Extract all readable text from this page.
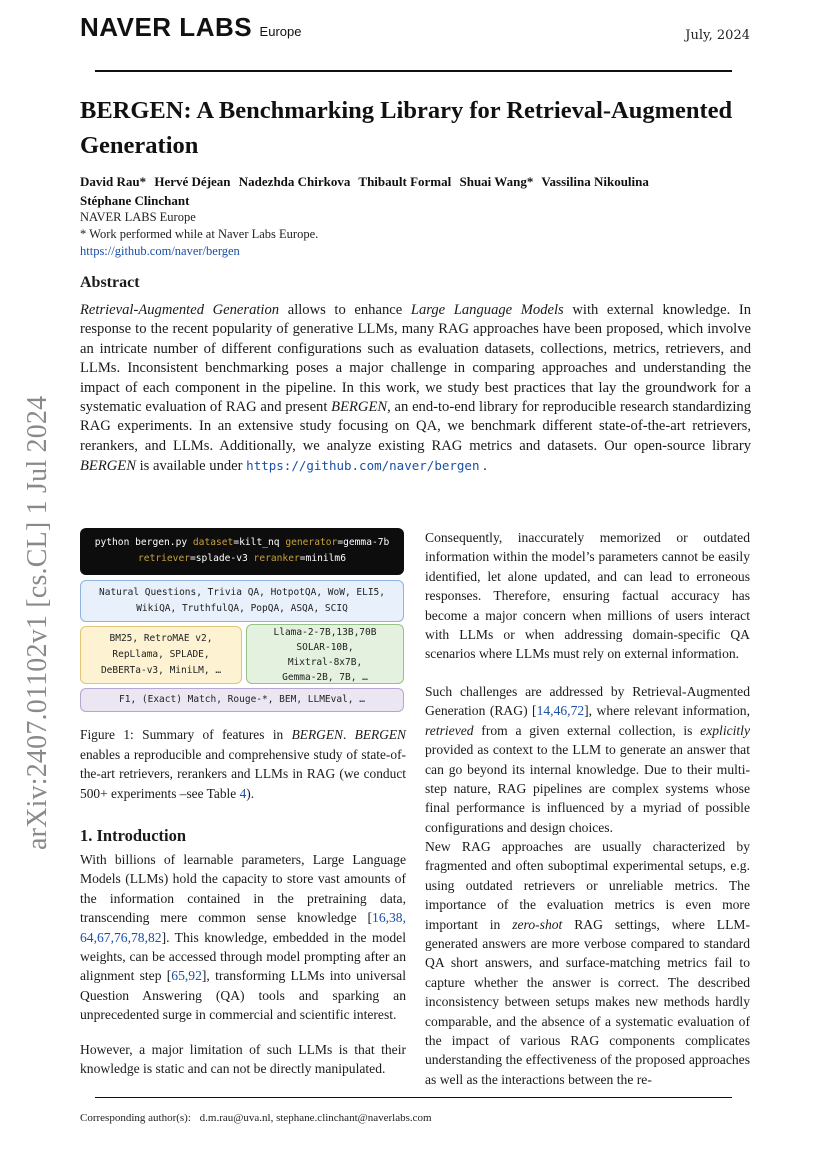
NAVER LABS Europe	July, 2024
arXiv:2407.01102v1 [cs.CL] 1 Jul 2024
BERGEN: A Benchmarking Library for Retrieval-Augmented Generation
David Rau* Hervé Déjean Nadezhda Chirkova Thibault Formal Shuai Wang* Vassilina Nikoulina
Stéphane Clinchant
NAVER LABS Europe
* Work performed while at Naver Labs Europe.
https://github.com/naver/bergen
Abstract

Retrieval-Augmented Generation allows to enhance Large Language Models with external knowledge. In response to the recent popularity of generative LLMs, many RAG approaches have been proposed, which involve an intricate number of different configurations such as evaluation datasets, collections, metrics, retrievers, and LLMs. Inconsistent benchmarking poses a major challenge in comparing approaches and understanding the impact of each component in the pipeline. In this work, we study best practices that lay the groundwork for a systematic evaluation of RAG and present BERGEN, an end-to-end library for reproducible research standardizing RAG experiments. In an extensive study focusing on QA, we benchmark different state-of-the-art retrievers, rerankers, and LLMs. Additionally, we analyze existing RAG metrics and datasets. Our open-source library BERGEN is available under https://github.com/naver/bergen .

python bergen.py dataset=kilt_nq generator=gemma-7b
retriever=splade-v3 reranker=minilm6
Natural Questions, Trivia QA, HotpotQA, WoW, ELI5,
WikiQA, TruthfulQA, PopQA, ASQA, SCIQ
BM25, RetroMAE v2,
RepLlama, SPLADE,
DeBERTa-v3, MiniLM, …
Llama-2-7B,13B,70B
SOLAR-10B,
Mixtral-8x7B,
Gemma-2B, 7B, …
F1, (Exact) Match, Rouge-*, BEM, LLMEval, …

Figure 1: Summary of features in BERGEN. BERGEN enables a reproducible and comprehensive study of state-of-the-art retrievers, rerankers and LLMs in RAG (we conduct 500+ experiments –see Table 4).

1. Introduction

With billions of learnable parameters, Large Language Models (LLMs) hold the capacity to store vast amounts of the information contained in the pretraining data, transcending mere common sense knowledge [16,38, 64,67,76,78,82]. This knowledge, embedded in the model weights, can be accessed through model prompting after an alignment step [65,92], transforming LLMs into universal Question Answering (QA) tools and sparking an unprecedented surge in commercial and scientific interest.

However, a major limitation of such LLMs is that their knowledge is static and can not be directly manipulated.

Consequently, inaccurately memorized or outdated information within the model’s parameters cannot be easily identified, let alone updated, and can lead to erroneous responses. Therefore, ensuring factual accuracy has become a major concern when millions of users interact with LLMs or when addressing domain-specific QA scenarios where LLMs must rely on external information.

Such challenges are addressed by Retrieval-Augmented Generation (RAG) [14,46,72], where relevant information, retrieved from a given external collection, is explicitly provided as context to the LLM to generate an answer that can go beyond its internal knowledge. Due to their multi-step nature, RAG pipelines are complex systems whose final performance is influenced by a myriad of possible configurations and design choices.

New RAG approaches are usually characterized by fragmented and often suboptimal experimental setups, e.g. using outdated retrievers or unreliable metrics. The importance of the evaluation metrics is even more important in zero-shot RAG settings, where LLM-generated answers are more verbose compared to standard QA short answers, and surface-matching metrics fail to capture whether the answer is correct. The described inconsistency between setups makes new methods hardly comparable, and the absence of a systematic evaluation of the impact of various RAG components complicates understanding the effectiveness of the proposed approaches as well as the interactions between the re-

Corresponding author(s): d.m.rau@uva.nl, stephane.clinchant@naverlabs.com
